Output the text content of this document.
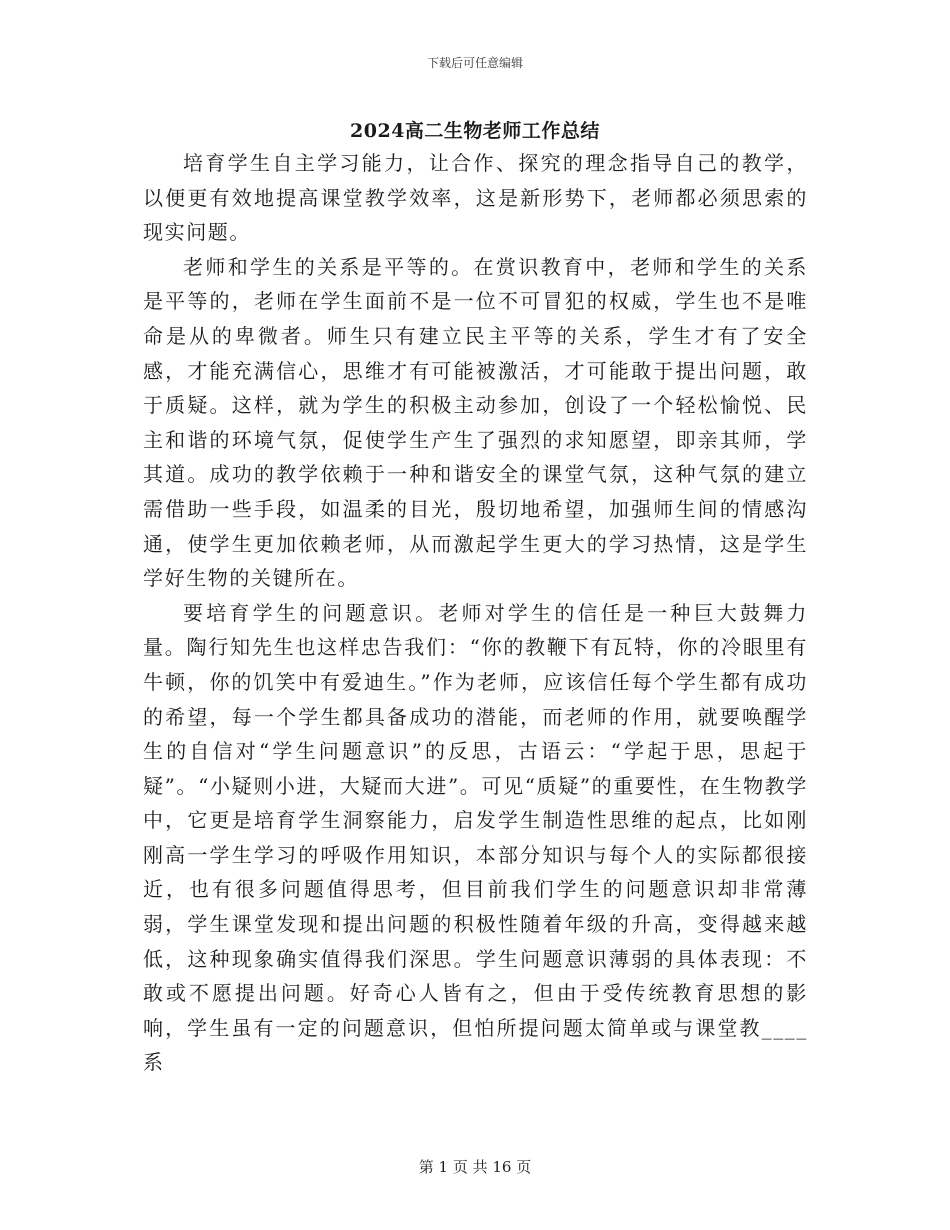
下载后可任意编辑
2024高二生物老师工作总结

培育学生自主学习能力，让合作、探究的理念指导自己的教学，以便更有效地提高课堂教学效率，这是新形势下，老师都必须思索的现实问题。

老师和学生的关系是平等的。在赏识教育中，老师和学生的关系是平等的，老师在学生面前不是一位不可冒犯的权威，学生也不是唯命是从的卑微者。师生只有建立民主平等的关系，学生才有了安全感，才能充满信心，思维才有可能被激活，才可能敢于提出问题，敢于质疑。这样，就为学生的积极主动参加，创设了一个轻松愉悦、民主和谐的环境气氛，促使学生产生了强烈的求知愿望，即亲其师，学其道。成功的教学依赖于一种和谐安全的课堂气氛，这种气氛的建立需借助一些手段，如温柔的目光，殷切地希望，加强师生间的情感沟通，使学生更加依赖老师，从而激起学生更大的学习热情，这是学生学好生物的关键所在。

要培育学生的问题意识。老师对学生的信任是一种巨大鼓舞力量。陶行知先生也这样忠告我们：“你的教鞭下有瓦特，你的冷眼里有牛顿，你的饥笑中有爱迪生。”作为老师，应该信任每个学生都有成功的希望，每一个学生都具备成功的潜能，而老师的作用，就要唤醒学生的自信对“学生问题意识”的反思，古语云：“学起于思，思起于疑”。“小疑则小进，大疑而大进”。可见“质疑”的重要性，在生物教学中，它更是培育学生洞察能力，启发学生制造性思维的起点，比如刚刚高一学生学习的呼吸作用知识，本部分知识与每个人的实际都很接近，也有很多问题值得思考，但目前我们学生的问题意识却非常薄弱，学生课堂发现和提出问题的积极性随着年级的升高，变得越来越低，这种现象确实值得我们深思。学生问题意识薄弱的具体表现：不敢或不愿提出问题。好奇心人皆有之，但由于受传统教育思想的影响，学生虽有一定的问题意识，但怕所提问题太简单或与课堂教____系

第 1 页 共 16 页
